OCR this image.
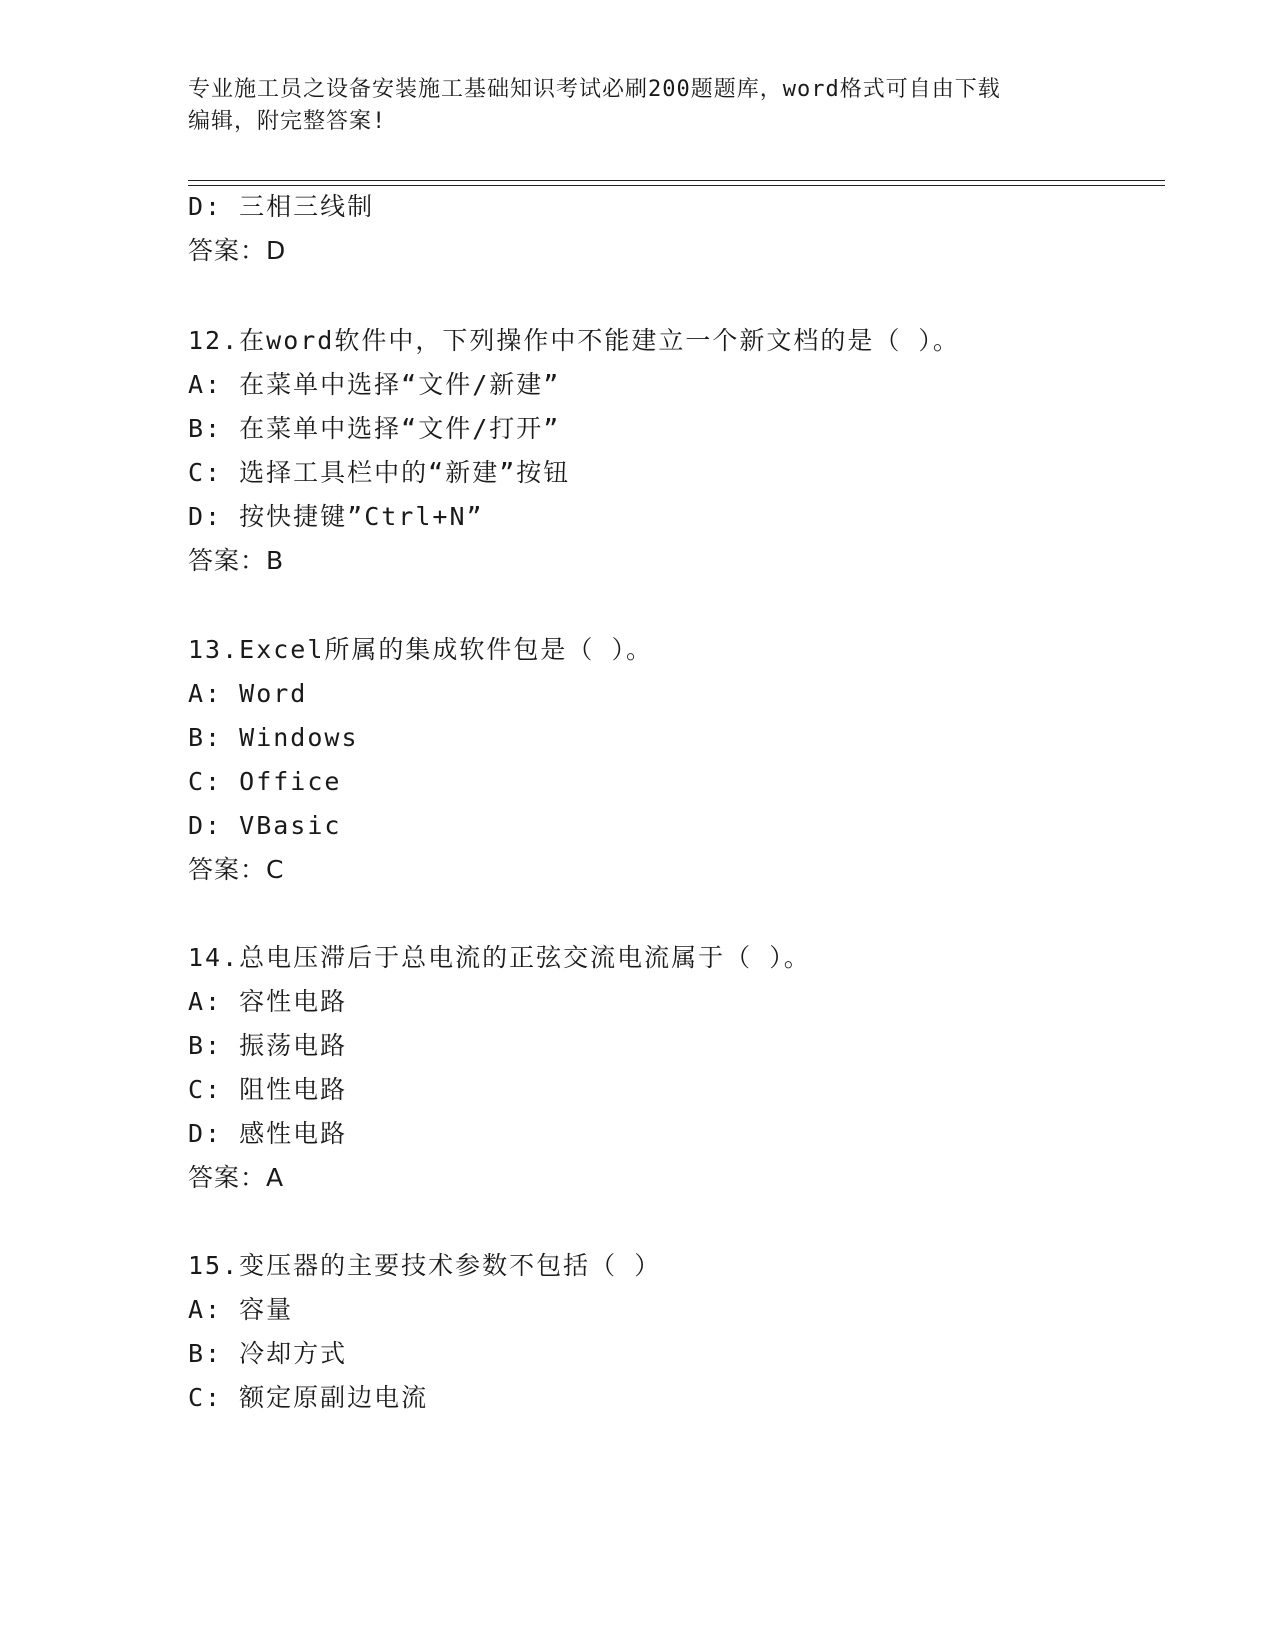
专业施工员之设备安装施工基础知识考试必刷200题题库，word格式可自由下载
编辑，附完整答案!
D: 三相三线制
答案：D
12.在word软件中，下列操作中不能建立一个新文档的是（ ）。
A: 在菜单中选择“文件/新建”
B: 在菜单中选择“文件/打开”
C: 选择工具栏中的“新建”按钮
D: 按快捷键”Ctrl+N”
答案：B
13.Excel所属的集成软件包是（ ）。
A: Word
B: Windows
C: Office
D: VBasic
答案：C
14.总电压滞后于总电流的正弦交流电流属于（ ）。
A: 容性电路
B: 振荡电路
C: 阻性电路
D: 感性电路
答案：A
15.变压器的主要技术参数不包括（ ）
A: 容量
B: 冷却方式
C: 额定原副边电流
